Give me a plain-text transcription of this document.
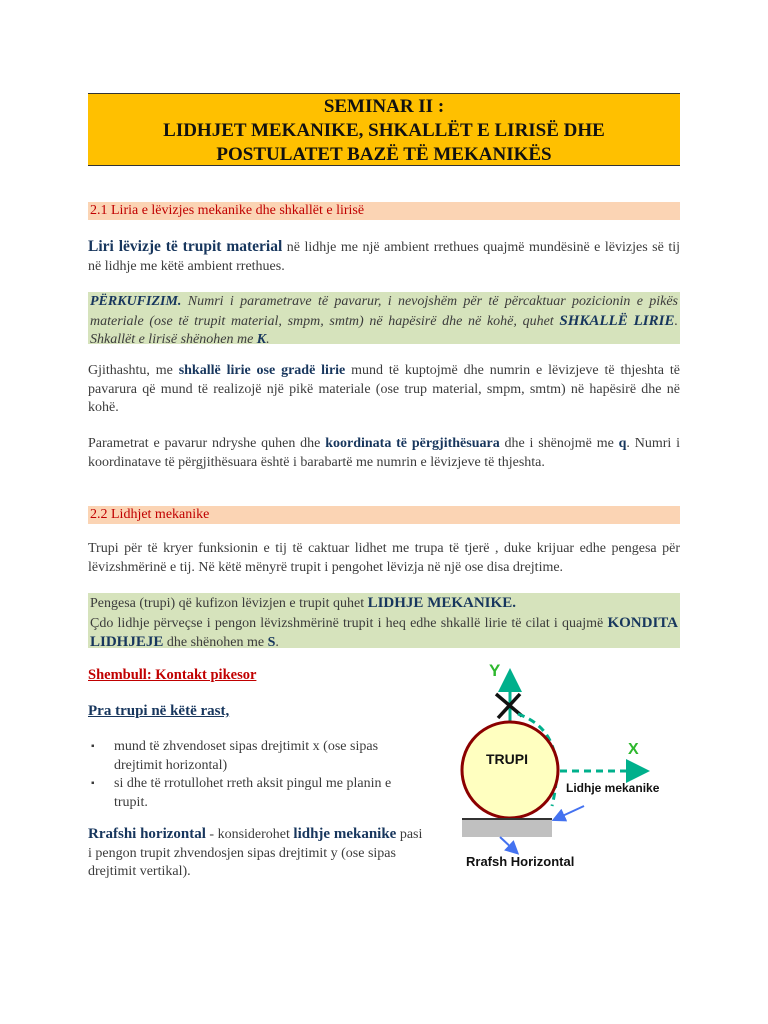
SEMINAR II :
LIDHJET MEKANIKE, SHKALLËT E LIRISË DHE
POSTULATET BAZË TË MEKANIKËS
2.1 Liria e lëvizjes mekanike dhe shkallët e lirisë
Liri lëvizje të trupit material në lidhje me një ambient rrethues quajmë mundësinë e lëvizjes së tij në lidhje me këtë ambient rrethues.
PËRKUFIZIM. Numri i parametrave të pavarur, i nevojshëm për të përcaktuar pozicionin e pikës materiale (ose të trupit material, smpm, smtm) në hapësirë dhe në kohë, quhet SHKALLË LIRIE. Shkallët e lirisë shënohen me K.
Gjithashtu, me shkallë lirie ose gradë lirie mund të kuptojmë dhe numrin e lëvizjeve të thjeshta të pavarura që mund të realizojë një pikë materiale (ose trup material, smpm, smtm) në hapësirë dhe në kohë.
Parametrat e pavarur ndryshe quhen dhe koordinata të përgjithësuara dhe i shënojmë me q. Numri i koordinatave të përgjithësuara është i barabartë me numrin e lëvizjeve të thjeshta.
2.2 Lidhjet mekanike
Trupi për të kryer funksionin e tij të caktuar lidhet me trupa të tjerë , duke krijuar edhe pengesa për lëvizshmërinë e tij. Në këtë mënyrë trupit i pengohet lëvizja në një ose disa drejtime.
Pengesa (trupi) që kufizon lëvizjen e trupit quhet LIDHJE MEKANIKE.
Çdo lidhje përveçse i pengon lëvizshmërinë trupit i heq edhe shkallë lirie të cilat i quajmë KONDITA LIDHJEJE dhe shënohen me S.
Shembull: Kontakt pikesor
Pra trupi në këtë rast,
▪ mund të zhvendoset sipas drejtimit x (ose sipas drejtimit horizontal)
▪ si dhe të rrotullohet rreth aksit pingul me planin e trupit.
Rrafshi horizontal - konsiderohet lidhje mekanike pasi i pengon trupit zhvendosjen sipas drejtimit y (ose sipas drejtimit vertikal).
Y
TRUPI
X
Lidhje mekanike
Rrafsh Horizontal
